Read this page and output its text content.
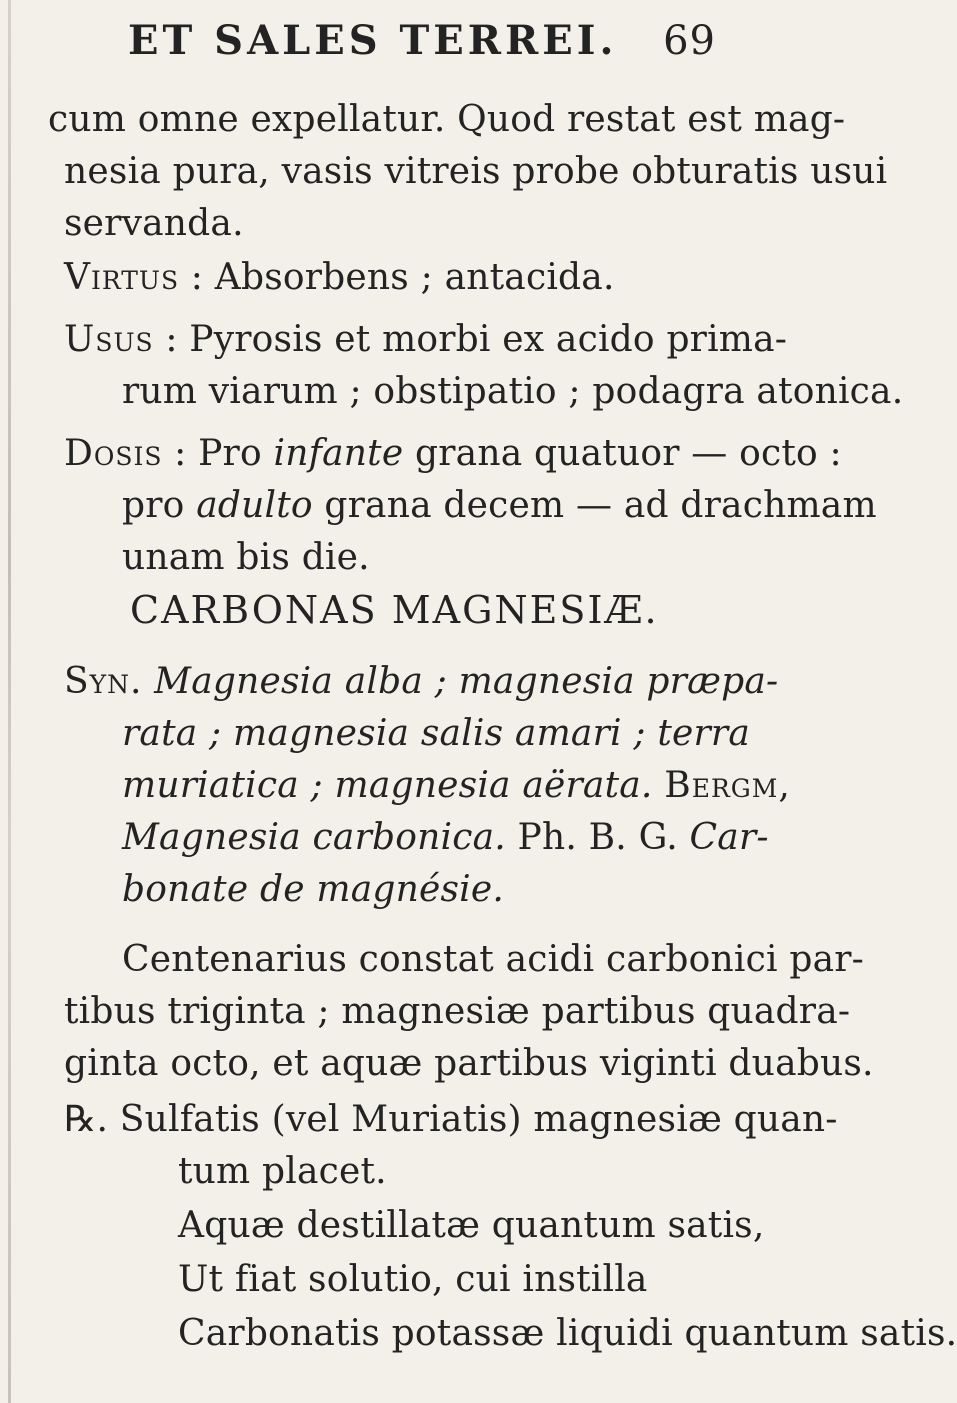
ET SALES TERREI.	69
cum omne expellatur. Quod restat est mag-
nesia pura, vasis vitreis probe obturatis usui
servanda.
Virtus : Absorbens ; antacida.
Usus : Pyrosis et morbi ex acido prima-
rum viarum ; obstipatio ; podagra atonica.
Dosis : Pro infante grana quatuor — octo :
pro adulto grana decem — ad drachmam
unam bis die.
CARBONAS MAGNESIÆ.
Syn. Magnesia alba ; magnesia præpa-
rata ; magnesia salis amari ; terra
muriatica ; magnesia aërata. Bergm,
Magnesia carbonica. Ph. B. G. Car-
bonate de magnésie.
Centenarius constat acidi carbonici par-
tibus triginta ; magnesiæ partibus quadra-
ginta octo, et aquæ partibus viginti duabus.
℞. Sulfatis (vel Muriatis) magnesiæ quan-
tum placet.
Aquæ destillatæ quantum satis,
Ut fiat solutio, cui instilla
Carbonatis potassæ liquidi quantum satis.
